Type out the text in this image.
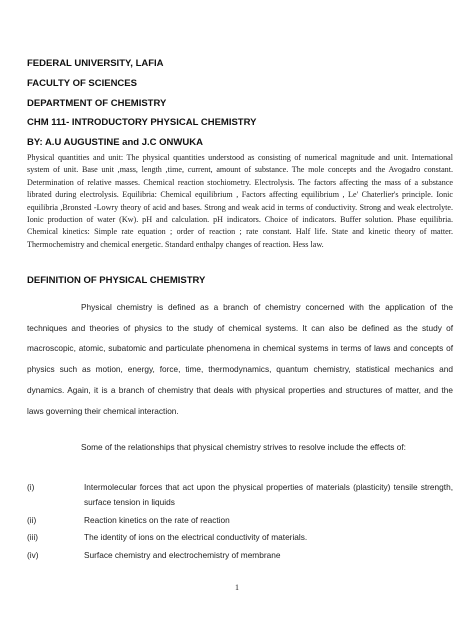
FEDERAL UNIVERSITY, LAFIA
FACULTY OF SCIENCES
DEPARTMENT OF CHEMISTRY
CHM 111- INTRODUCTORY PHYSICAL CHEMISTRY
BY: A.U AUGUSTINE and J.C ONWUKA
Physical quantities and unit: The physical quantities understood as consisting of numerical magnitude and unit. International system of unit. Base unit ,mass, length ,time, current, amount of substance. The mole concepts and the Avogadro constant. Determination of relative masses. Chemical reaction stochiometry. Electrolysis. The factors affecting the mass of a substance librated during electrolysis. Equilibria: Chemical equilibrium , Factors affecting equilibrium , Le' Chaterlier's principle. Ionic equilibria ,Bronsted -Lowry theory of acid and bases. Strong and weak acid in terms of conductivity. Strong and weak electrolyte. Ionic production of water (Kw). pH and calculation. pH indicators. Choice of indicators. Buffer solution. Phase equilibria. Chemical kinetics: Simple rate equation ; order of reaction ; rate constant. Half life. State and kinetic theory of matter. Thermochemistry and chemical energetic. Standard enthalpy changes of reaction. Hess law.
DEFINITION OF PHYSICAL CHEMISTRY
Physical chemistry is defined as a branch of chemistry concerned with the application of the techniques and theories of physics to the study of chemical systems. It can also be defined as the study of macroscopic, atomic, subatomic and particulate phenomena in chemical systems in terms of laws and concepts of physics such as motion, energy, force, time, thermodynamics, quantum chemistry, statistical mechanics and dynamics. Again, it is a branch of chemistry that deals with physical properties and structures of matter, and the laws governing their chemical interaction.
Some of the relationships that physical chemistry strives to resolve include the effects of:
(i)	Intermolecular forces that act upon the physical properties of materials (plasticity) tensile strength, surface tension in liquids
(ii)	Reaction kinetics on the rate of reaction
(iii)	The identity of ions on the electrical conductivity of materials.
(iv)	Surface chemistry and electrochemistry of membrane
1
